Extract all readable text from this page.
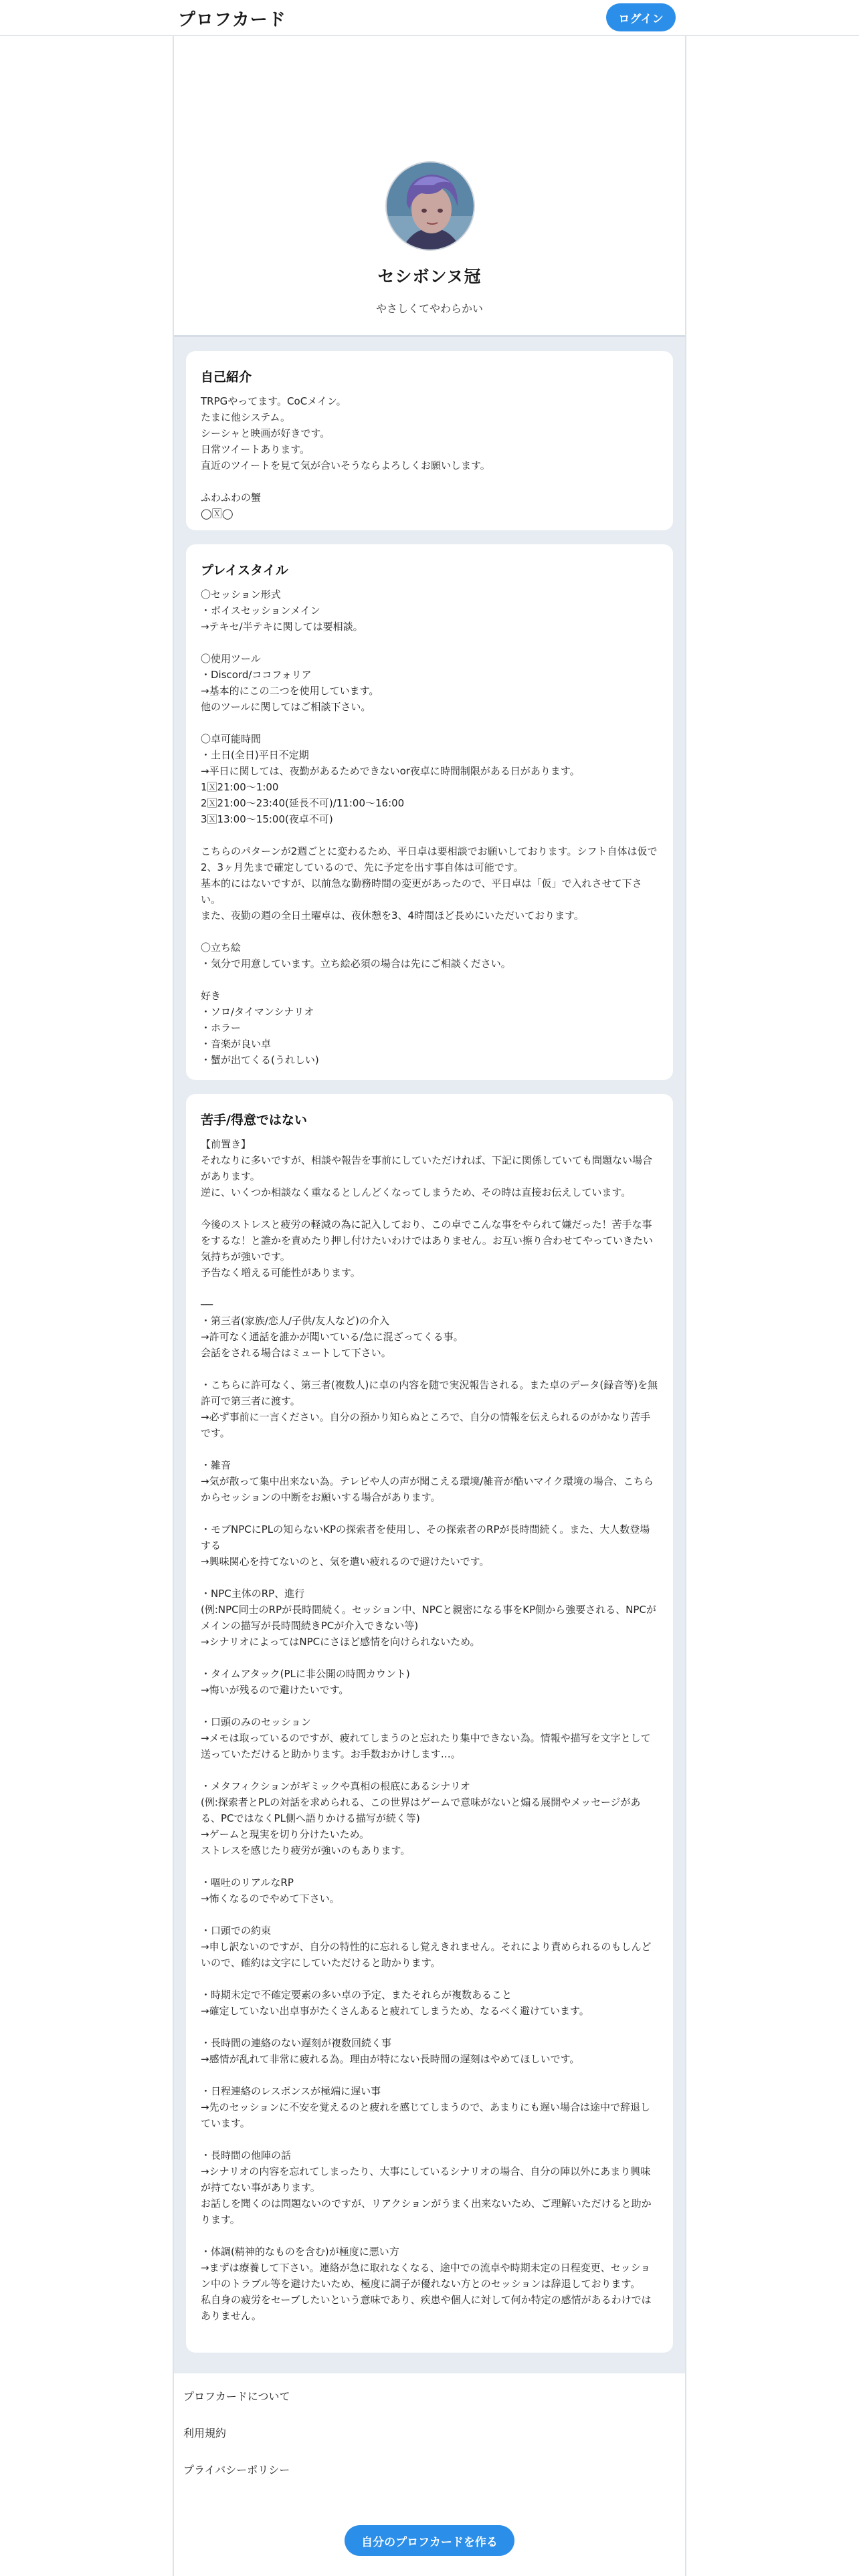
プロフカード	ログイン
セシボンヌ冠󠄀
やさしくてやわらかい󠄀
自己紹介
TRPGやってます。CoCメイン。
たまに他システム。
シーシャと映画が好きです。
日常ツイートあります。
直近のツイートを見て気が合いそうならよろしくお願いします。

ふわふわの蟹
◯🅇◯
プレイスタイル
〇セッション形式
・ボイスセッションメイン
→テキセ/半テキに関しては要相談。

〇使用ツール
・Discord/ココフォリア
→基本的にこの二つを使用しています。
他のツールに関してはご相談下さい。

〇卓可能時間
・土日(全日)平日不定期
→平日に関しては、夜勤があるためできないor夜卓に時間制限がある日があります。
1🅇21:00〜1:00
2🅇21:00〜23:40(延長不可)/11:00〜16:00
3🅇13:00〜15:00(夜卓不可)

こちらのパターンが2週ごとに変わるため、平日卓は要相談でお願いしております。シフト自体は仮で2、3ヶ月先まで確定しているので、先に予定を出す事自体は可能です。
基本的にはないですが、以前急な勤務時間の変更があったので、平日卓は「仮」で入れさせて下さい。
また、夜勤の週の全日土曜卓は、夜休憩を3、4時間ほど長めにいただいております。

〇立ち絵
・気分で用意しています。立ち絵必須の場合は先にご相談ください。

󠄀好き󠄀
・ソロ/タイマンシナリオ
・ホラー
・音楽が良い卓
・蟹が出てくる(うれしい)
苦手/得意ではない
【前置き】
それなりに多いですが、相談や報告を事前にしていただければ、下記に関係していても問題ない場合があります。
逆に、いくつか相談なく重なるとしんどくなってしまうため、その時は直接お伝えしています。

今後のストレスと疲労の軽減の為に記入しており、この卓でこんな事をやられて嫌だった！苦手な事をするな！と誰かを責めたり押し付けたいわけではありません。お互い擦り合わせてやっていきたい気持ちが強いです。
予告なく増える可能性があります。

──
・第三者(家族/恋人/子供/友人など)の介入
→許可なく通話を誰かが聞いている/急に混ざってくる事。
会話をされる場合はミュートして下さい。

・こちらに許可なく、第三者(複数人)に卓の内容を随で実況報告される。また卓のデータ(録音等)を無許可で第三者に渡す。
→必ず事前に一言ください。自分の預かり知らぬところで、自分の情報を伝えられるのがかなり苦手です。

・雑音
→気が散って集中出来ない為。テレビや人の声が聞こえる環境/雑音が酷いマイク環境の場合、こちらからセッションの中断をお願いする場合があります。

・モブNPCにPLの知らないKPの探索者を使用し、その探索者のRPが長時間続く。また、大人数登場する
→興味関心を持てないのと、気を遣い疲れるので避けたいです。

・NPC主体のRP、進行
(例:NPC同士のRPが長時間続く。セッション中、NPCと親密になる事をKP側から強要される、NPCがメインの描写が長時間続きPCが介入できない等)
→シナリオによってはNPCにさほど感情を向けられないため。

・タイムアタック(PLに非公開の時間カウント)
→悔いが残るので避けたいです。

・口頭のみのセッション
→メモは取っているのですが、疲れてしまうのと忘れたり集中できない為。情報や描写を文字として送っていただけると助かります。お手数おかけします…。

・メタフィクションがギミックや真相の根底にあるシナリオ
(例:探索者とPLの対話を求められる、この世界はゲームで意味がないと煽る展開やメッセージがある、PCではなくPL側へ語りかける描写が続く等)
→ゲームと現実を切り分けたいため。
ストレスを感じたり疲労が強いのもあります。

・嘔吐のリアルなRP
→怖くなるのでやめて下さい。

・口頭での約束
→申し訳ないのですが、自分の特性的に忘れるし覚えきれません。それにより責められるのもしんどいので、確約は文字にしていただけると助かります。

・時期未定で不確定要素の多い卓の予定、またそれらが複数あること
→確定していない出卓事がたくさんあると疲れてしまうため、なるべく避けています。

・長時間の連絡のない遅刻が複数回続く事
→感情が乱れて非常に疲れる為。理由が特にない長時間の遅刻はやめてほしいです。

・日程連絡のレスポンスが極端に遅い事
→先のセッションに不安を覚えるのと疲れを感じてしまうので、あまりにも遅い場合は途中で辞退しています。

・長時間の他陣の話
→シナリオの内容を忘れてしまったり、大事にしているシナリオの場合、自分の陣以外にあまり興味が持てない事があります。
お話しを聞くのは問題ないのですが、リアクションがうまく出来ないため、ご理解いただけると助かります。

・体調(精神的なものを含む)が極度に悪い方
→まずは療養して下さい。連絡が急に取れなくなる、途中での流卓や時期未定の日程変更、セッション中のトラブル等を避けたいため、極度に調子が優れない方とのセッションは辞退しております。
私自身の疲労をセーブしたいという意味であり、疾患や個人に対して何か特定の感情があるわけではありません。
プロフカードについて
利用規約
プライバシーポリシー
自分のプロフカードを作る
